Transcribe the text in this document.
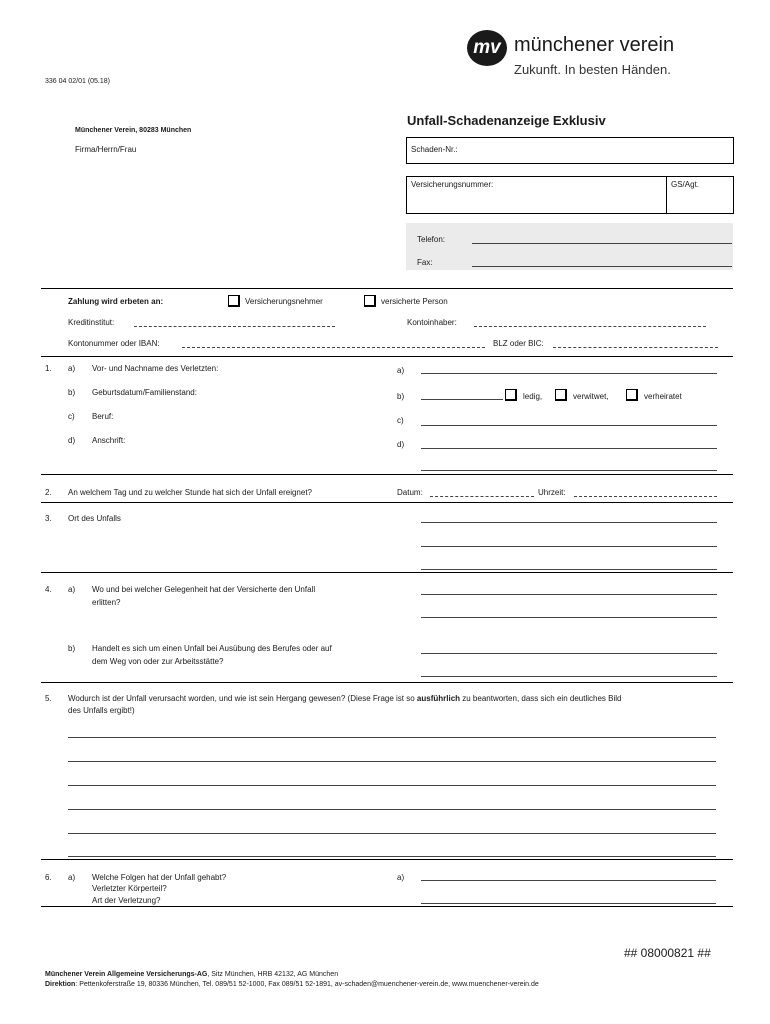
336 04 02/01 (05.18)
mv münchener verein
Zukunft. In besten Händen.
Münchener Verein, 80283 München
Firma/Herrn/Frau
Unfall-Schadenanzeige Exklusiv
Schaden-Nr.:
Versicherungsnummer:	GS/Agt.
Telefon:
Fax:
Zahlung wird erbeten an:	Versicherungsnehmer	versicherte Person
Kreditinstitut:	Kontoinhaber:
Kontonummer oder IBAN:	BLZ oder BIC:
1. a) Vor- und Nachname des Verletzten:
b) Geburtsdatum/Familienstand:
c) Beruf:
d) Anschrift:
a)
b)	ledig,	verwitwet,	verheiratet
c)
d)
2. An welchem Tag und zu welcher Stunde hat sich der Unfall ereignet?	Datum:	Uhrzeit:
3. Ort des Unfalls
4. a) Wo und bei welcher Gelegenheit hat der Versicherte den Unfall
erlitten?
b) Handelt es sich um einen Unfall bei Ausübung des Berufes oder auf
dem Weg von oder zur Arbeitsstätte?
5. Wodurch ist der Unfall verursacht worden, und wie ist sein Hergang gewesen? (Diese Frage ist so ausführlich zu beantworten, dass sich ein deutliches Bild
des Unfalls ergibt!)
6. a) Welche Folgen hat der Unfall gehabt?
Verletzter Körperteil?
Art der Verletzung?
a)
## 08000821 ##
Münchener Verein Allgemeine Versicherungs-AG, Sitz München, HRB 42132, AG München
Direktion: Pettenkoferstraße 19, 80336 München, Tel. 089/51 52-1000, Fax 089/51 52-1891, av-schaden@muenchener-verein.de, www.muenchener-verein.de
